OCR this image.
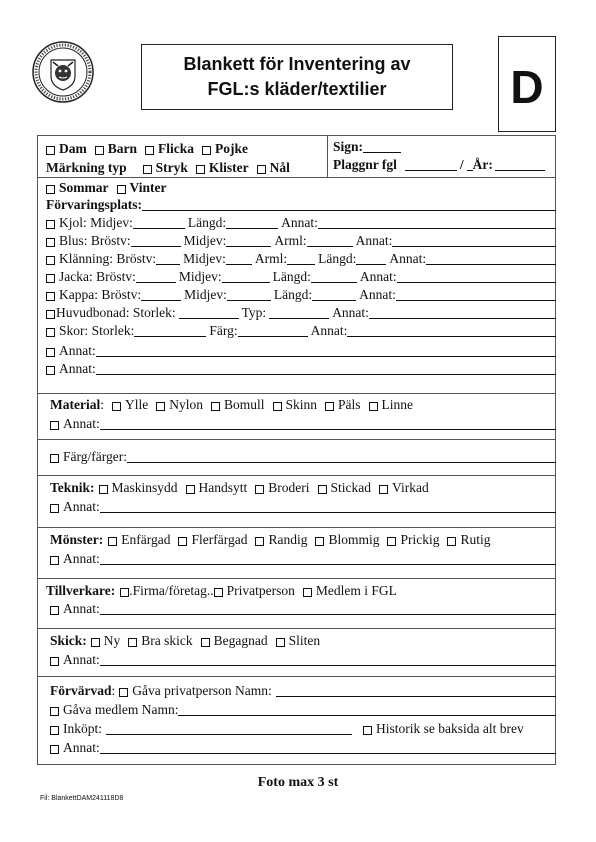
Blankett för Inventering av
FGL:s kläder/textilier	D
Dam Barn Flicka Pojke
Märkning typ Stryk Klister Nål
Sign:
Plaggnr fgl	/ År:
Sommar Vinter
Förvaringsplats:
Kjol:
Midjev:	Längd:	Annat:
Blus:
Bröstv:	Midjev:	Arml:	Annat:
Klänning:
Bröstv: Midjev: Arml: Längd: Annat:
Jacka:
Bröstv:	Midjev:	Längd:	Annat:
Kappa:
Bröstv:	Midjev:	Längd:	Annat:
Huvudbonad:
Storlek:	Typ:	Annat:
Skor:
Storlek:	Färg:	Annat:
Annat:
Annat:
Material : Ylle Nylon Bomull Skinn Päls Linne
Annat:
Färg/färger:
Teknik: Maskinsydd Handsytt Broderi Stickad Virkad
Annat:
Mönster: Enfärgad Flerfärgad Randig Blommig Prickig Rutig
Annat:
Tillverkare: .Firma/företag.. Privatperson Medlem i FGL
Annat:
Skick: Ny Bra skick Begagnad Sliten
Annat:
Förvärvad : Gåva privatperson Namn:
Gåva medlem Namn:
Inköpt:	Historik se baksida alt brev
Annat:
Foto max 3 st
Fil: BlankettDAM241118D8
